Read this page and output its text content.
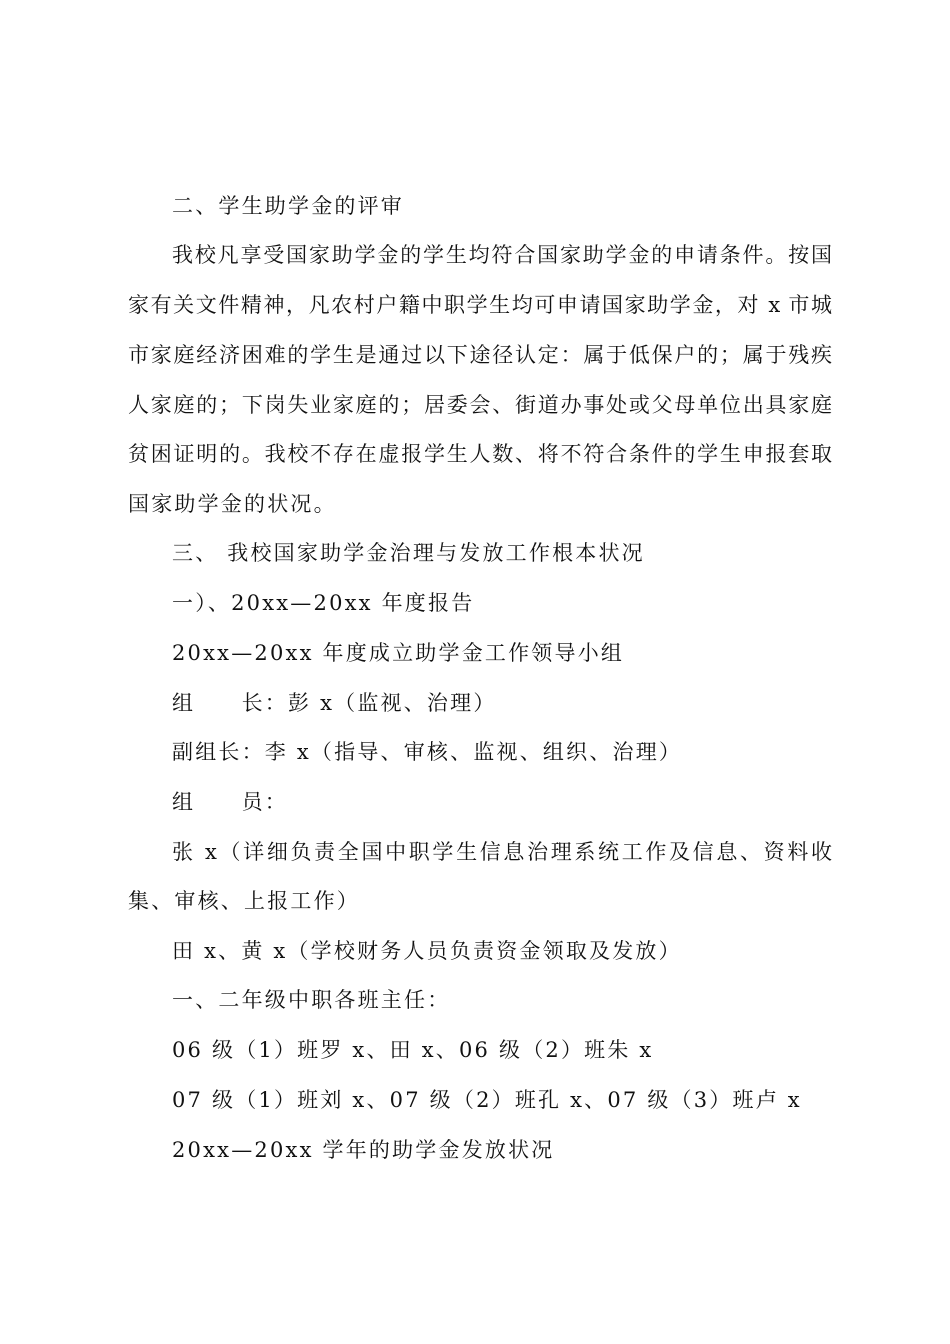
二、学生助学金的评审
我校凡享受国家助学金的学生均符合国家助学金的申请条件。按国
家有关文件精神，凡农村户籍中职学生均可申请国家助学金，对 x 市城
市家庭经济困难的学生是通过以下途径认定：属于低保户的；属于残疾
人家庭的；下岗失业家庭的；居委会、街道办事处或父母单位出具家庭
贫困证明的。我校不存在虚报学生人数、将不符合条件的学生申报套取
国家助学金的状况。
三、 我校国家助学金治理与发放工作根本状况
一）、20xx—20xx 年度报告
20xx—20xx 年度成立助学金工作领导小组
组　　长：彭 x（监视、治理）
副组长：李 x（指导、审核、监视、组织、治理）
组　　员：
张 x（详细负责全国中职学生信息治理系统工作及信息、资料收
集、审核、上报工作）
田 x、黄 x（学校财务人员负责资金领取及发放）
一、二年级中职各班主任：
06 级（1）班罗 x、田 x、06 级（2）班朱 x
07 级（1）班刘 x、07 级（2）班孔 x、07 级（3）班卢 x
20xx—20xx 学年的助学金发放状况
